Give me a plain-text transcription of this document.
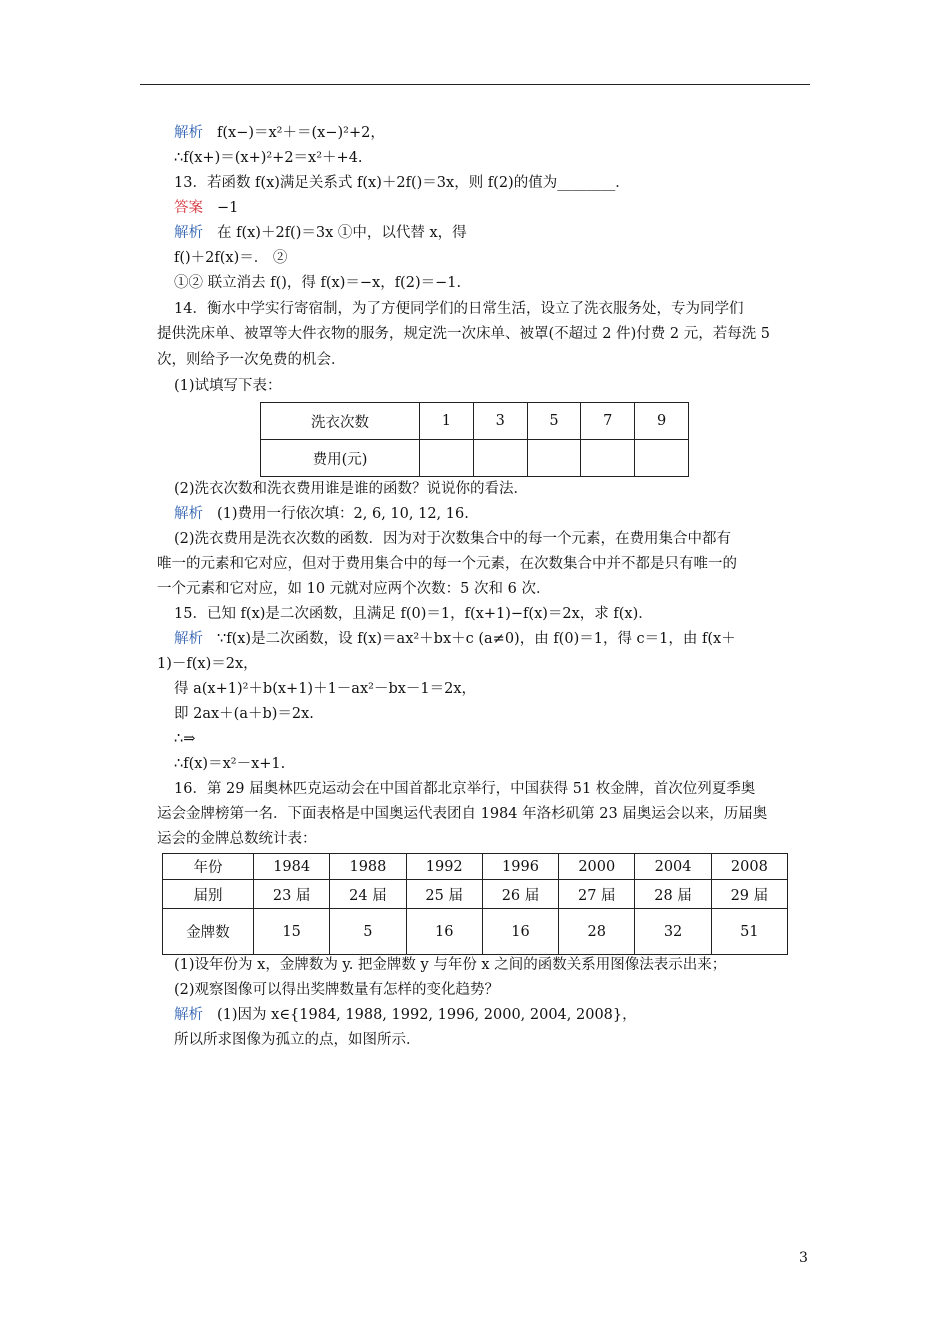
解析 f(x−)＝x²＋＝(x−)²+2，
∴f(x+)＝(x+)²+2＝x²＋+4.
13．若函数 f(x)满足关系式 f(x)＋2f()＝3x，则 f(2)的值为________．
答案 −1
解析 在 f(x)＋2f()＝3x ①中，以代替 x，得
f()＋2f(x)＝． ②
①② 联立消去 f()，得 f(x)＝−x，f(2)＝−1.
14．衡水中学实行寄宿制，为了方便同学们的日常生活，设立了洗衣服务处，专为同学们
提供洗床单、被罩等大件衣物的服务，规定洗一次床单、被罩(不超过 2 件)付费 2 元，若每洗 5
次，则给予一次免费的机会．
(1)试填写下表：
洗衣次数	1	3	5	7	9
费用(元)					
(2)洗衣次数和洗衣费用谁是谁的函数？说说你的看法．
解析 (1)费用一行依次填：2, 6, 10, 12, 16.
(2)洗衣费用是洗衣次数的函数．因为对于次数集合中的每一个元素，在费用集合中都有
唯一的元素和它对应，但对于费用集合中的每一个元素，在次数集合中并不都是只有唯一的
一个元素和它对应，如 10 元就对应两个次数：5 次和 6 次．
15．已知 f(x)是二次函数，且满足 f(0)＝1，f(x+1)−f(x)＝2x，求 f(x)．
解析 ∵f(x)是二次函数，设 f(x)＝ax²＋bx＋c (a≠0)，由 f(0)＝1，得 c＝1，由 f(x＋
1)－f(x)＝2x，
得 a(x+1)²＋b(x+1)＋1－ax²－bx－1＝2x，
即 2ax＋(a＋b)＝2x.
∴⇒
∴f(x)＝x²－x+1.
16．第 29 届奥林匹克运动会在中国首都北京举行，中国获得 51 枚金牌，首次位列夏季奥
运会金牌榜第一名．下面表格是中国奥运代表团自 1984 年洛杉矶第 23 届奥运会以来，历届奥
运会的金牌总数统计表：
年份	1984	1988	1992	1996	2000	2004	2008
届别	23 届	24 届	25 届	26 届	27 届	28 届	29 届
金牌数	15	5	16	16	28	32	51
(1)设年份为 x，金牌数为 y. 把金牌数 y 与年份 x 之间的函数关系用图像法表示出来；
(2)观察图像可以得出奖牌数量有怎样的变化趋势？
解析 (1)因为 x∈{1984, 1988, 1992, 1996, 2000, 2004, 2008}，
所以所求图像为孤立的点，如图所示．
3
